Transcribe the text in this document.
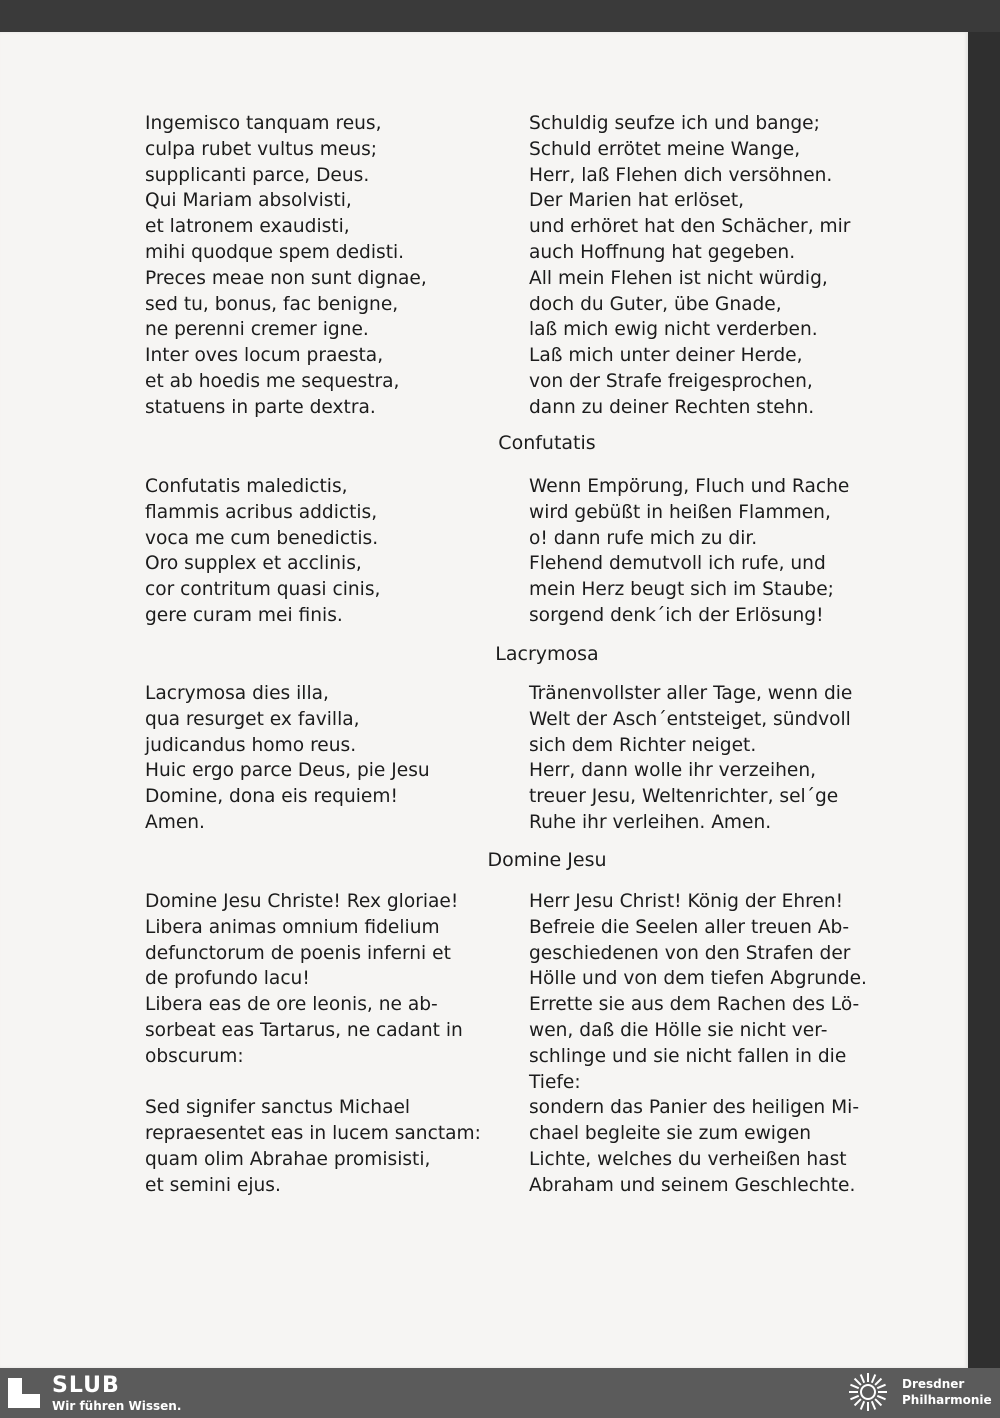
Ingemisco tanquam reus,
culpa rubet vultus meus;
supplicanti parce, Deus.
Qui Mariam absolvisti,
et latronem exaudisti,
mihi quodque spem dedisti.
Preces meae non sunt dignae,
sed tu, bonus, fac benigne,
ne perenni cremer igne.
Inter oves locum praesta,
et ab hoedis me sequestra,
statuens in parte dextra.
Schuldig seufze ich und bange;
Schuld errötet meine Wange,
Herr, laß Flehen dich versöhnen.
Der Marien hat erlöset,
und erhöret hat den Schächer, mir
auch Hoffnung hat gegeben.
All mein Flehen ist nicht würdig,
doch du Guter, übe Gnade,
laß mich ewig nicht verderben.
Laß mich unter deiner Herde,
von der Strafe freigesprochen,
dann zu deiner Rechten stehn.
Confutatis
Confutatis maledictis,
flammis acribus addictis,
voca me cum benedictis.
Oro supplex et acclinis,
cor contritum quasi cinis,
gere curam mei finis.
Wenn Empörung, Fluch und Rache
wird gebüßt in heißen Flammen,
o! dann rufe mich zu dir.
Flehend demutvoll ich rufe, und
mein Herz beugt sich im Staube;
sorgend denk´ich der Erlösung!
Lacrymosa
Lacrymosa dies illa,
qua resurget ex favilla,
judicandus homo reus.
Huic ergo parce Deus, pie Jesu
Domine, dona eis requiem!
Amen.
Tränenvollster aller Tage, wenn die
Welt der Asch´entsteiget, sündvoll
sich dem Richter neiget.
Herr, dann wolle ihr verzeihen,
treuer Jesu, Weltenrichter, sel´ge
Ruhe ihr verleihen. Amen.
Domine Jesu
Domine Jesu Christe! Rex gloriae!
Libera animas omnium fidelium
defunctorum de poenis inferni et
de profundo lacu!
Libera eas de ore leonis, ne ab-
sorbeat eas Tartarus, ne cadant in
obscurum:
Sed signifer sanctus Michael
repraesentet eas in lucem sanctam:
quam olim Abrahae promisisti,
et semini ejus.
Herr Jesu Christ! König der Ehren!
Befreie die Seelen aller treuen Ab-
geschiedenen von den Strafen der
Hölle und von dem tiefen Abgrunde.
Errette sie aus dem Rachen des Lö-
wen, daß die Hölle sie nicht ver-
schlinge und sie nicht fallen in die
Tiefe:
sondern das Panier des heiligen Mi-
chael begleite sie zum ewigen
Lichte, welches du verheißen hast
Abraham und seinem Geschlechte.
SLUB
Wir führen Wissen.
Dresdner
Philharmonie
